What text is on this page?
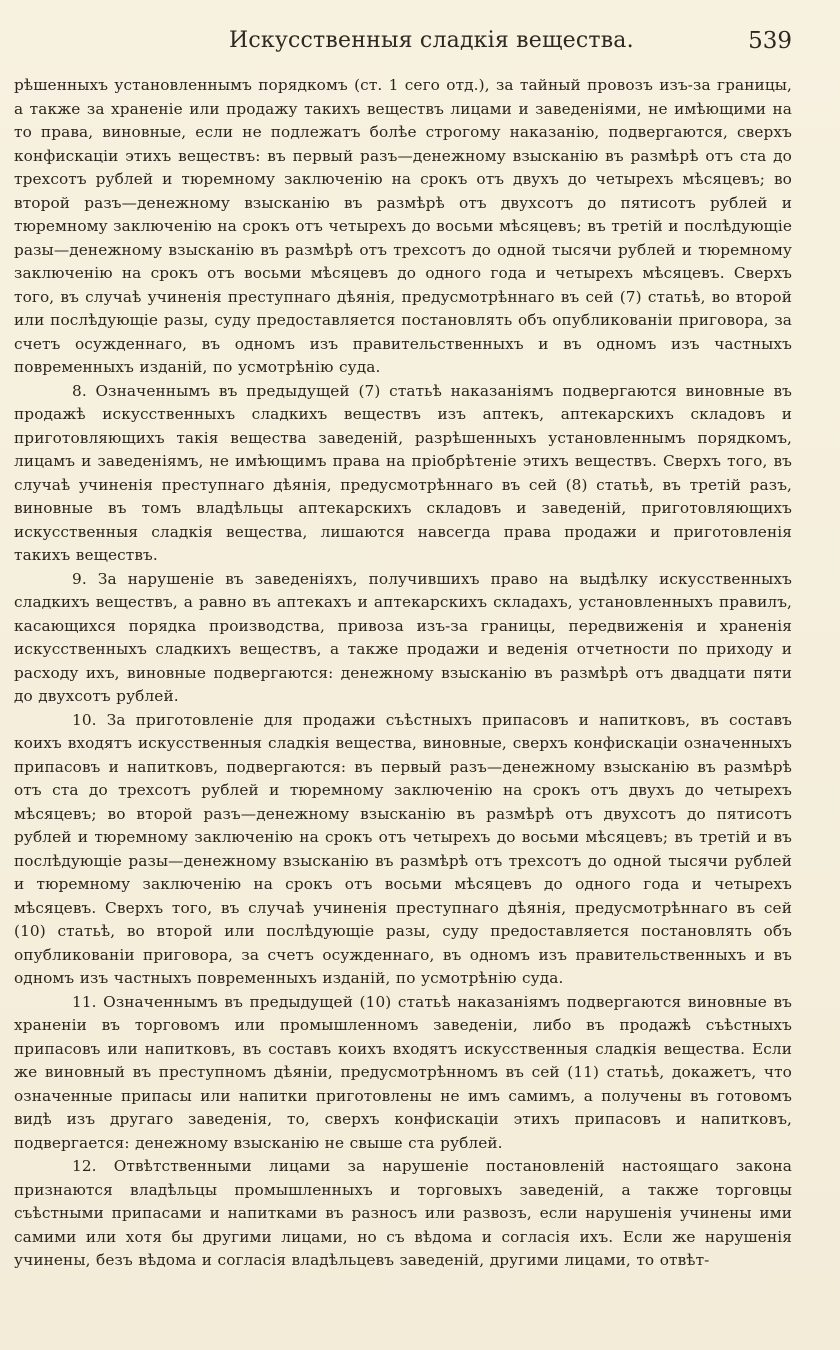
Искусственныя сладкія вещества.	539

рѣшенныхъ установленнымъ порядкомъ (ст. 1 сего отд.), за тайный провозъ изъ-за границы, а также за храненіе или продажу такихъ веществъ лицами и заведеніями, не имѣющими на то права, виновные, если не подлежатъ болѣе строгому наказанію, подвергаются, сверхъ конфискаціи этихъ веществъ: въ первый разъ—денежному взысканію въ размѣрѣ отъ ста до трехсотъ рублей и тюремному заключенію на срокъ отъ двухъ до четырехъ мѣсяцевъ; во второй разъ—денежному взысканію въ размѣрѣ отъ двухсотъ до пятисотъ рублей и тюремному заключенію на срокъ отъ четырехъ до восьми мѣсяцевъ; въ третій и послѣдующіе разы—денежному взысканію въ размѣрѣ отъ трехсотъ до одной тысячи рублей и тюремному заключенію на срокъ отъ восьми мѣсяцевъ до одного года и четырехъ мѣсяцевъ. Сверхъ того, въ случаѣ учиненія преступнаго дѣянія, предусмотрѣннаго въ сей (7) статьѣ, во второй или послѣдующіе разы, суду предоставляется постановлять объ опубликованіи приговора, за счетъ осужденнаго, въ одномъ изъ правительственныхъ и въ одномъ изъ частныхъ повременныхъ изданій, по усмотрѣнію суда.

8. Означеннымъ въ предыдущей (7) статьѣ наказаніямъ подвергаются виновные въ продажѣ искусственныхъ сладкихъ веществъ изъ аптекъ, аптекарскихъ складовъ и приготовляющихъ такія вещества заведеній, разрѣшенныхъ установленнымъ порядкомъ, лицамъ и заведеніямъ, не имѣющимъ права на пріобрѣтеніе этихъ веществъ. Сверхъ того, въ случаѣ учиненія преступнаго дѣянія, предусмотрѣннаго въ сей (8) статьѣ, въ третій разъ, виновные въ томъ владѣльцы аптекарскихъ складовъ и заведеній, приготовляющихъ искусственныя сладкія вещества, лишаются навсегда права продажи и приготовленія такихъ веществъ.

9. За нарушеніе въ заведеніяхъ, получившихъ право на выдѣлку искусственныхъ сладкихъ веществъ, а равно въ аптекахъ и аптекарскихъ складахъ, установленныхъ правилъ, касающихся порядка производства, привоза изъ-за границы, передвиженія и храненія искусственныхъ сладкихъ веществъ, а также продажи и веденія отчетности по приходу и расходу ихъ, виновные подвергаются: денежному взысканію въ размѣрѣ отъ двадцати пяти до двухсотъ рублей.

10. За приготовленіе для продажи съѣстныхъ припасовъ и напитковъ, въ составъ коихъ входятъ искусственныя сладкія вещества, виновные, сверхъ конфискаціи означенныхъ припасовъ и напитковъ, подвергаются: въ первый разъ—денежному взысканію въ размѣрѣ отъ ста до трехсотъ рублей и тюремному заключенію на срокъ отъ двухъ до четырехъ мѣсяцевъ; во второй разъ—денежному взысканію въ размѣрѣ отъ двухсотъ до пятисотъ рублей и тюремному заключенію на срокъ отъ четырехъ до восьми мѣсяцевъ; въ третій и въ послѣдующіе разы—денежному взысканію въ размѣрѣ отъ трехсотъ до одной тысячи рублей и тюремному заключенію на срокъ отъ восьми мѣсяцевъ до одного года и четырехъ мѣсяцевъ. Сверхъ того, въ случаѣ учиненія преступнаго дѣянія, предусмотрѣннаго въ сей (10) статьѣ, во второй или послѣдующіе разы, суду предоставляется постановлять объ опубликованіи приговора, за счетъ осужденнаго, въ одномъ изъ правительственныхъ и въ одномъ изъ частныхъ повременныхъ изданій, по усмотрѣнію суда.

11. Означеннымъ въ предыдущей (10) статьѣ наказаніямъ подвергаются виновные въ храненіи въ торговомъ или промышленномъ заведеніи, либо въ продажѣ съѣстныхъ припасовъ или напитковъ, въ составъ коихъ входятъ искусственныя сладкія вещества. Если же виновный въ преступномъ дѣяніи, предусмотрѣнномъ въ сей (11) статьѣ, докажетъ, что означенные припасы или напитки приготовлены не имъ самимъ, а получены въ готовомъ видѣ изъ другаго заведенія, то, сверхъ конфискаціи этихъ припасовъ и напитковъ, подвергается: денежному взысканію не свыше ста рублей.

12. Отвѣтственными лицами за нарушеніе постановленій настоящаго закона признаются владѣльцы промышленныхъ и торговыхъ заведеній, а также торговцы съѣстными припасами и напитками въ разносъ или развозъ, если нарушенія учинены ими самими или хотя бы другими лицами, но съ вѣдома и согласія ихъ. Если же нарушенія учинены, безъ вѣдома и согласія владѣльцевъ заведеній, другими лицами, то отвѣт-
